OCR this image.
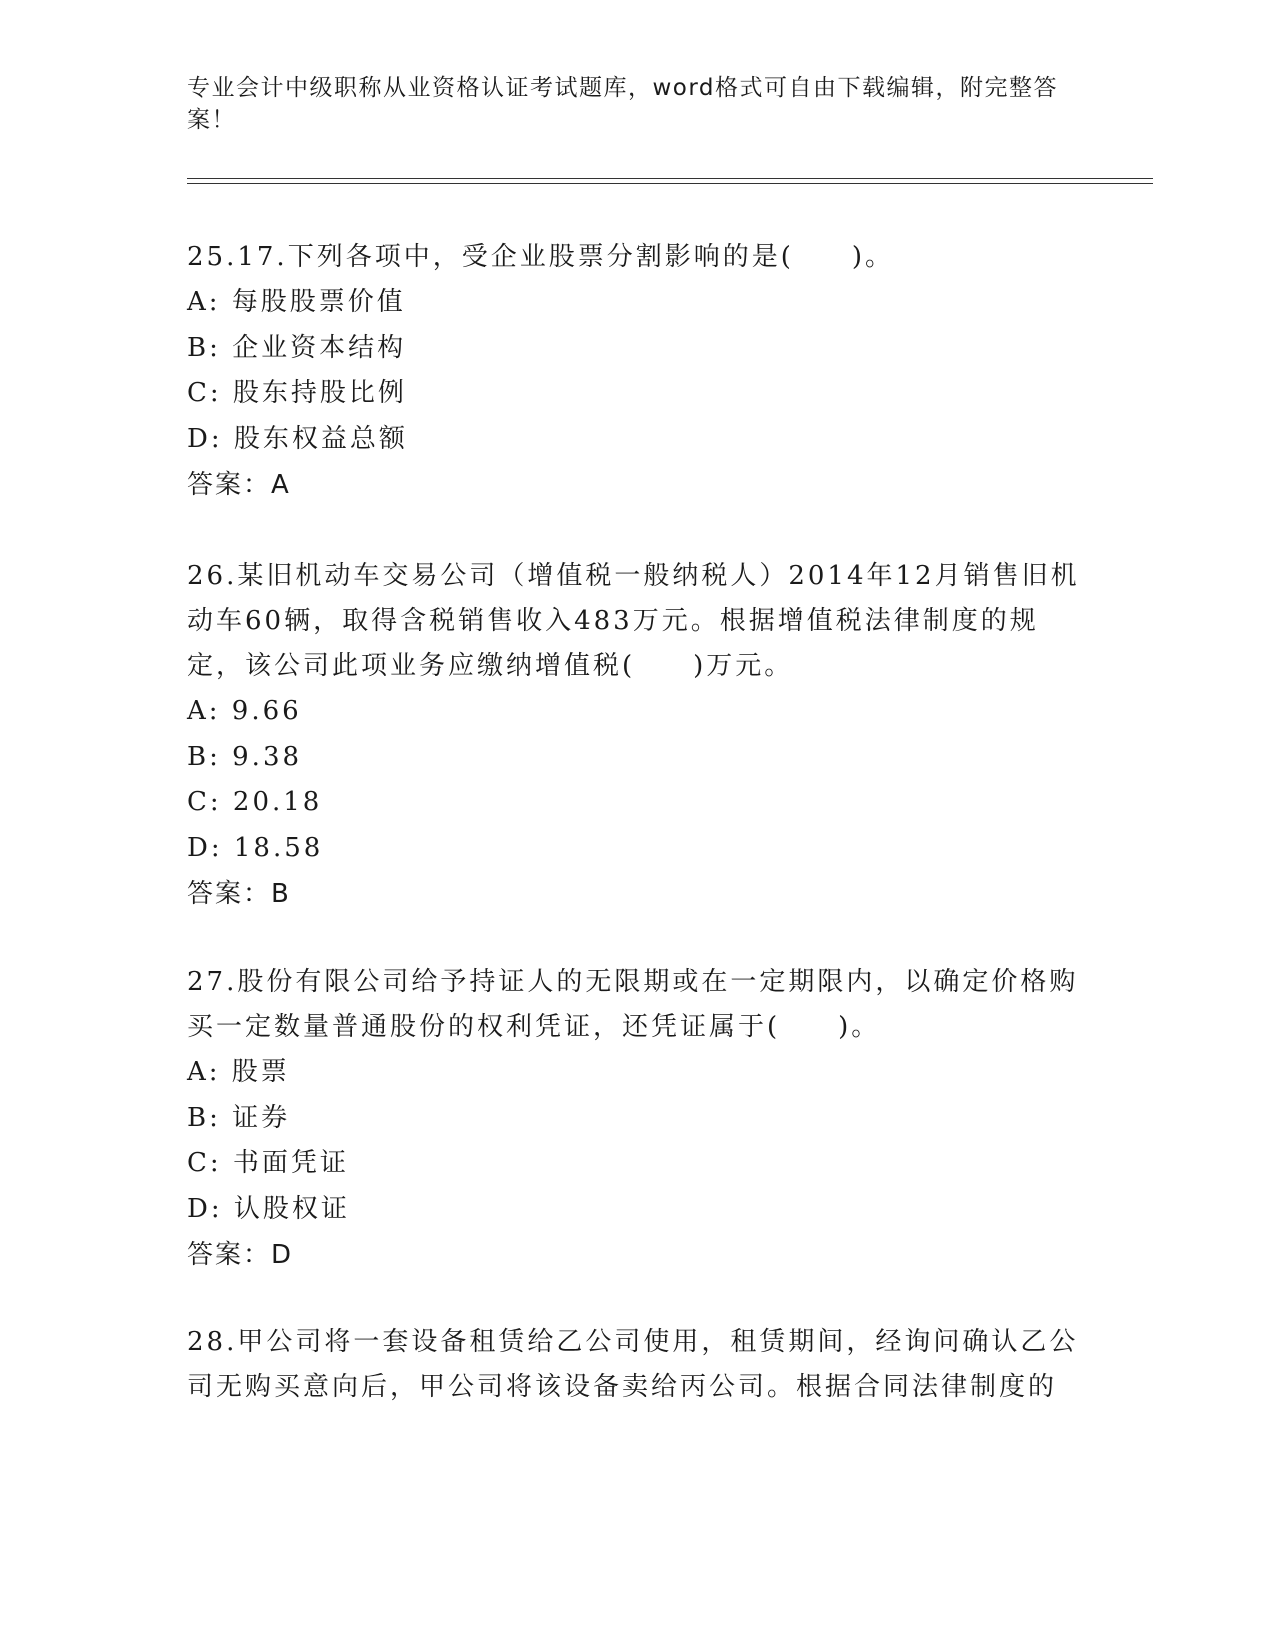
专业会计中级职称从业资格认证考试题库，word格式可自由下载编辑，附完整答案！
25.17.下列各项中，受企业股票分割影响的是(　　)。
A: 每股股票价值
B: 企业资本结构
C: 股东持股比例
D: 股东权益总额
答案：A
26.某旧机动车交易公司（增值税一般纳税人）2014年12月销售旧机动车60辆，取得含税销售收入483万元。根据增值税法律制度的规定，该公司此项业务应缴纳增值税(　　)万元。
A: 9.66
B: 9.38
C: 20.18
D: 18.58
答案：B
27.股份有限公司给予持证人的无限期或在一定期限内，以确定价格购买一定数量普通股份的权利凭证，还凭证属于(　　)。
A: 股票
B: 证券
C: 书面凭证
D: 认股权证
答案：D
28.甲公司将一套设备租赁给乙公司使用，租赁期间，经询问确认乙公司无购买意向后，甲公司将该设备卖给丙公司。根据合同法律制度的
